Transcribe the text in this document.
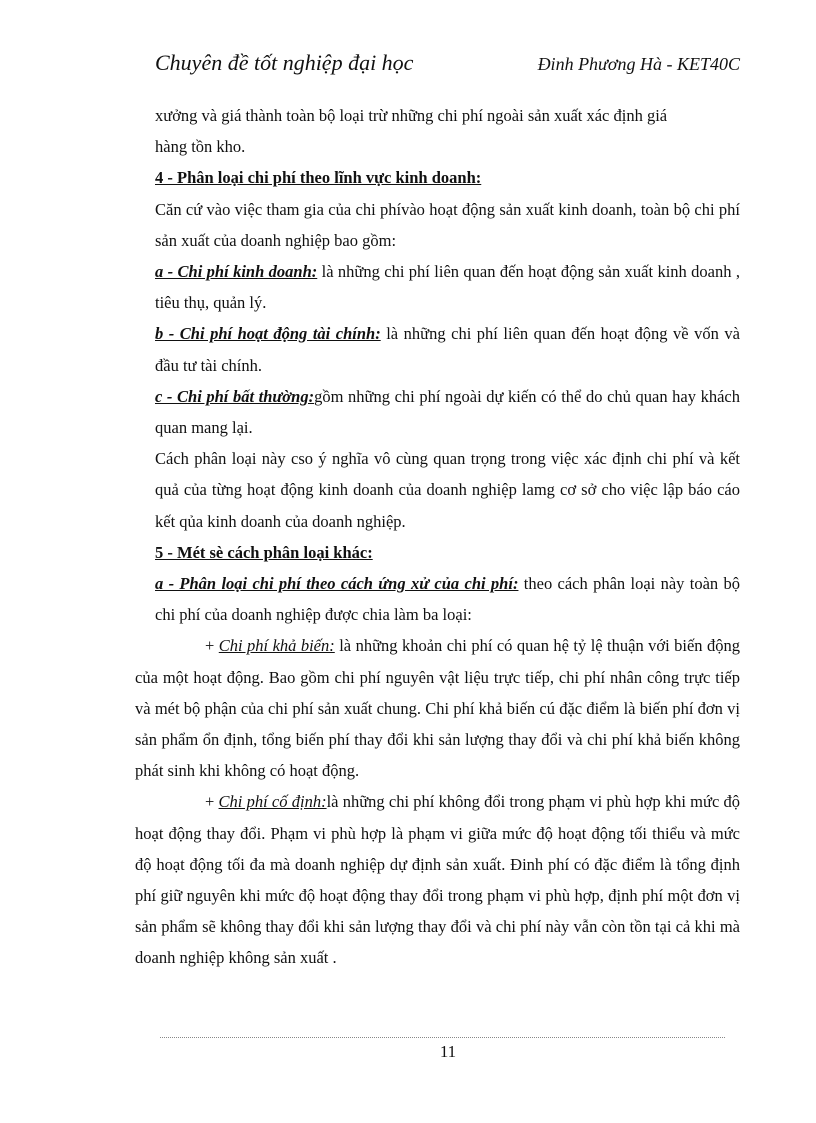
Chuyên đề tốt nghiệp đại học	Đinh Phương Hà - KET40C

xưởng và giá thành toàn bộ loại trừ những chi phí ngoài sản xuất xác định giá
hàng tồn kho.

4 - Phân loại chi phí theo lĩnh vực kinh doanh:

Căn cứ vào việc tham gia của chi phívào hoạt động sản xuất kinh doanh, toàn bộ chi phí sản xuất của doanh nghiệp bao gồm:

a - Chi phí kinh doanh: là những chi phí liên quan đến hoạt động sản xuất kinh doanh , tiêu thụ, quản lý.

b - Chi phí hoạt động tài chính: là những chi phí liên quan đến hoạt động về vốn và đầu tư tài chính.

c - Chi phí bất thường:gồm những chi phí ngoài dự kiến có thể do chủ quan hay khách quan mang lại.

Cách phân loại này cso ý nghĩa vô cùng quan trọng trong việc xác định chi phí và kết quả của từng hoạt động kinh doanh của doanh nghiệp lamg cơ sở cho việc lập báo cáo kết qủa kinh doanh của doanh nghiệp.

5 - Mét sè cách phân loại khác:

a - Phân loại chi phí theo cách ứng xử của chi phí: theo cách phân loại này toàn bộ chi phí của doanh nghiệp được chia làm ba loại:

+ Chi phí khả biến: là những khoản chi phí có quan hệ tỷ lệ thuận với biến động của một hoạt động. Bao gồm chi phí nguyên vật liệu trực tiếp, chi phí nhân công trực tiếp và mét bộ phận của chi phí sản xuất chung. Chi phí khả biến cú đặc điểm là biến phí đơn vị sản phẩm ổn định, tổng biến phí thay đổi khi sản lượng thay đổi và chi phí khả biến không phát sinh khi không có hoạt động.

+ Chi phí cố định:là những chi phí không đổi trong phạm vi phù hợp khi mức độ hoạt động thay đổi. Phạm vi phù hợp là phạm vi giữa mức độ hoạt động tối thiểu và mức độ hoạt động tối đa mà doanh nghiệp dự định sản xuất. Đinh phí có đặc điểm là tổng định phí giữ nguyên khi mức độ hoạt động thay đổi trong phạm vi phù hợp, định phí một đơn vị sản phẩm sẽ không thay đổi khi sản lượng thay đổi và chi phí này vẫn còn tồn tại cả khi mà doanh nghiệp không sản xuất .

11
